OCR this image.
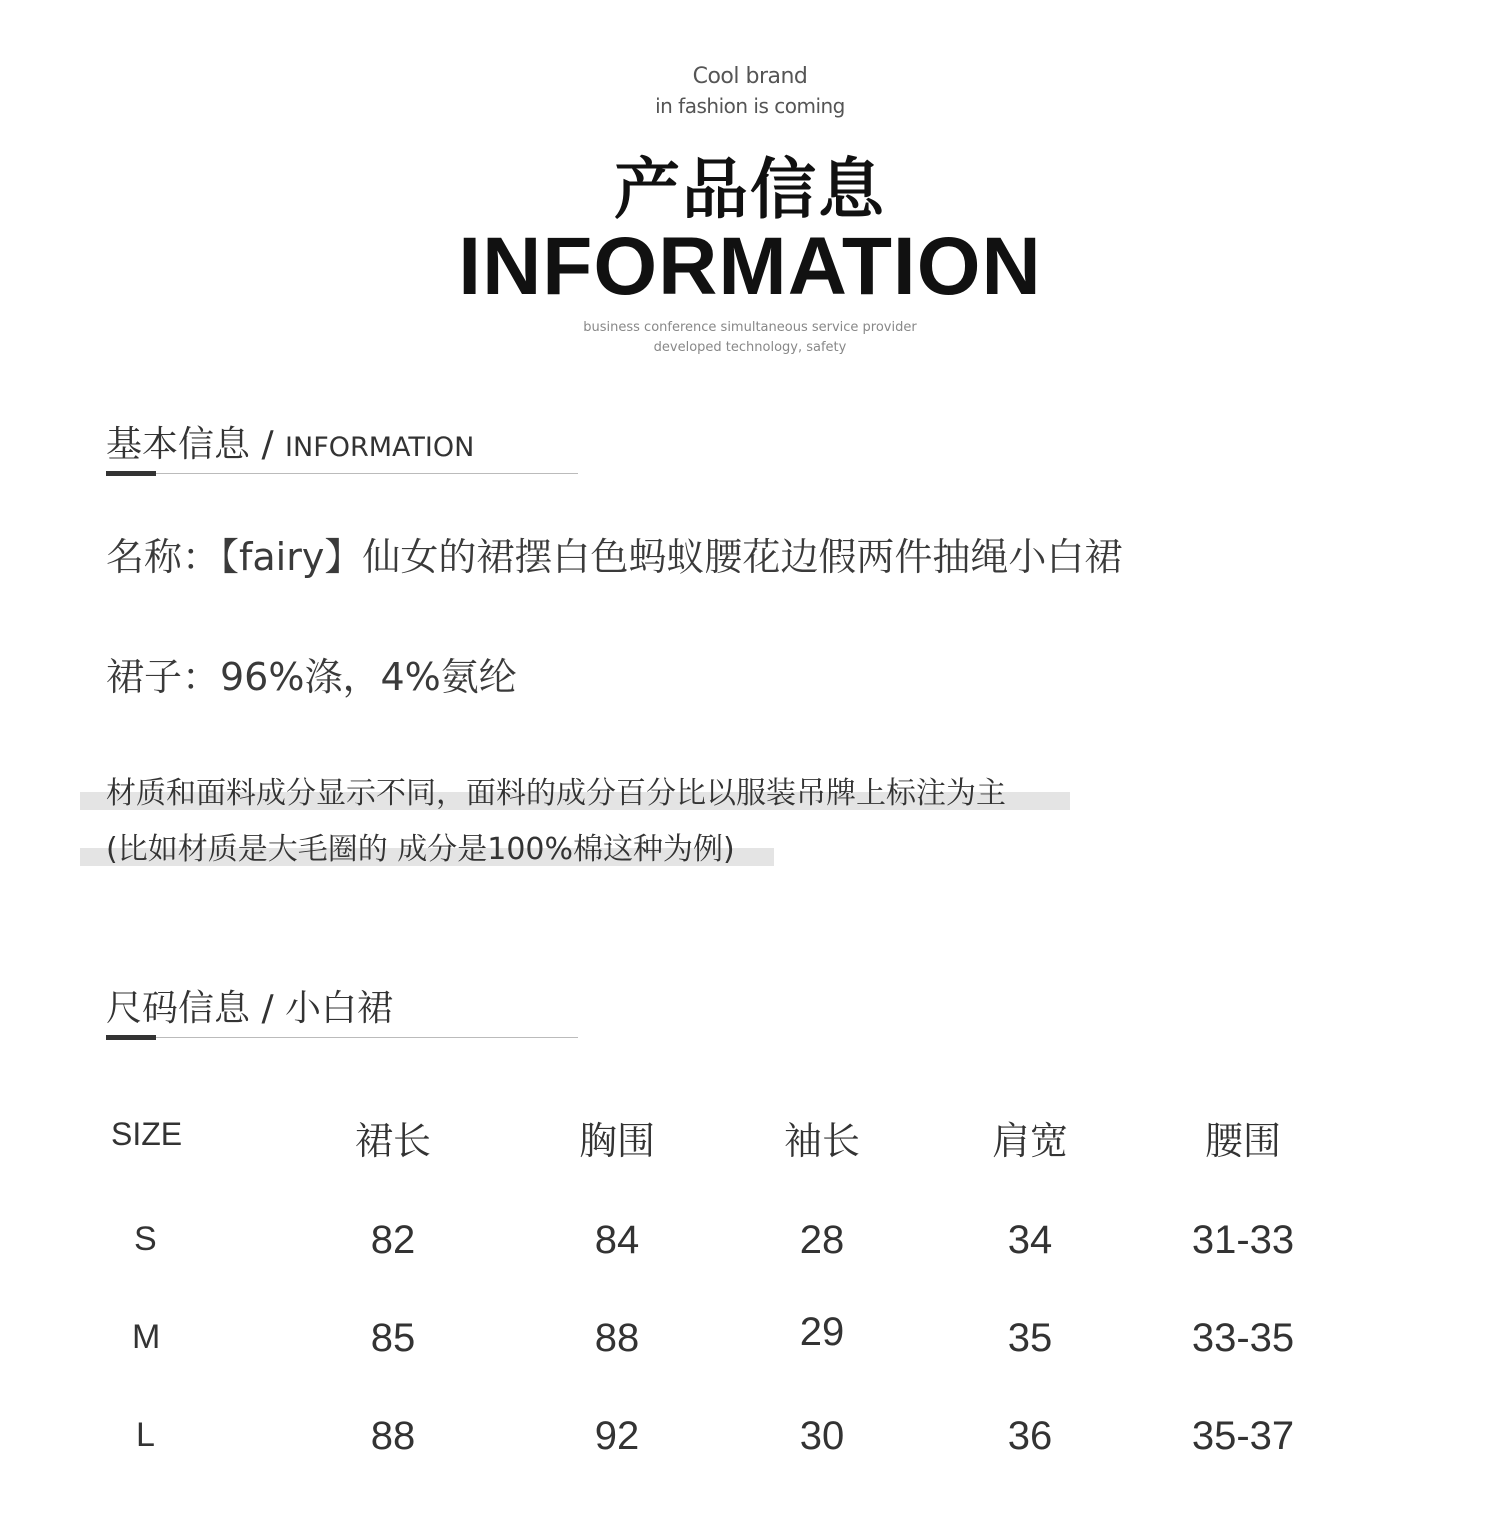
Cool brand
in fashion is coming
产品信息
INFORMATION
business conference simultaneous service provider
developed technology, safety
基本信息 / INFORMATION
名称：【fairy】仙女的裙摆白色蚂蚁腰花边假两件抽绳小白裙
裙子：96%涤，4%氨纶
材质和面料成分显示不同，面料的成分百分比以服装吊牌上标注为主
(比如材质是大毛圈的 成分是100%棉这种为例)
尺码信息 / 小白裙
SIZE	裙长	胸围	袖长	肩宽	腰围
S	82	84	28	34	31-33
M	85	88	29	35	33-35
L	88	92	30	36	35-37
